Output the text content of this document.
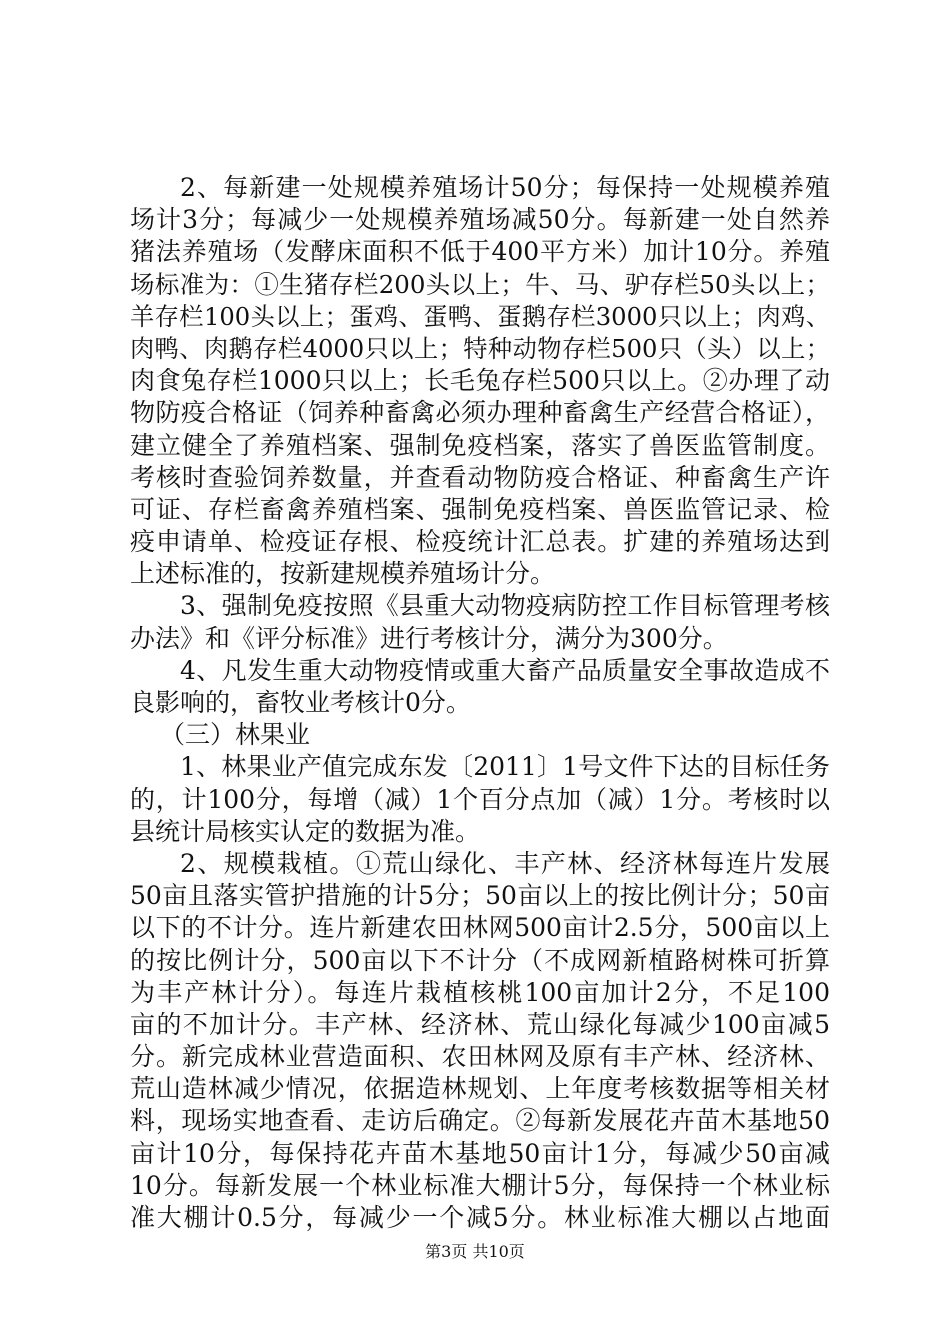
2、每新建一处规模养殖场计50分；每保持一处规模养殖
场计3分；每减少一处规模养殖场减50分。每新建一处自然养
猪法养殖场（发酵床面积不低于400平方米）加计10分。养殖
场标准为：①生猪存栏200头以上；牛、马、驴存栏50头以上；
羊存栏100头以上；蛋鸡、蛋鸭、蛋鹅存栏3000只以上；肉鸡、
肉鸭、肉鹅存栏4000只以上；特种动物存栏500只（头）以上；
肉食兔存栏1000只以上；长毛兔存栏500只以上。②办理了动
物防疫合格证（饲养种畜禽必须办理种畜禽生产经营合格证），
建立健全了养殖档案、强制免疫档案，落实了兽医监管制度。
考核时查验饲养数量，并查看动物防疫合格证、种畜禽生产许
可证、存栏畜禽养殖档案、强制免疫档案、兽医监管记录、检
疫申请单、检疫证存根、检疫统计汇总表。扩建的养殖场达到
上述标准的，按新建规模养殖场计分。
3、强制免疫按照《县重大动物疫病防控工作目标管理考核
办法》和《评分标准》进行考核计分，满分为300分。
4、凡发生重大动物疫情或重大畜产品质量安全事故造成不
良影响的，畜牧业考核计0分。
（三）林果业
1、林果业产值完成东发〔2011〕1号文件下达的目标任务
的，计100分，每增（减）1个百分点加（减）1分。考核时以
县统计局核实认定的数据为准。
2、规模栽植。①荒山绿化、丰产林、经济林每连片发展
50亩且落实管护措施的计5分；50亩以上的按比例计分；50亩
以下的不计分。连片新建农田林网500亩计2.5分，500亩以上
的按比例计分，500亩以下不计分（不成网新植路树株可折算
为丰产林计分）。每连片栽植核桃100亩加计2分，不足100
亩的不加计分。丰产林、经济林、荒山绿化每减少100亩减5
分。新完成林业营造面积、农田林网及原有丰产林、经济林、
荒山造林减少情况，依据造林规划、上年度考核数据等相关材
料，现场实地查看、走访后确定。②每新发展花卉苗木基地50
亩计10分，每保持花卉苗木基地50亩计1分，每减少50亩减
10分。每新发展一个林业标准大棚计5分，每保持一个林业标
准大棚计0.5分，每减少一个减5分。林业标准大棚以占地面
第3页 共10页
